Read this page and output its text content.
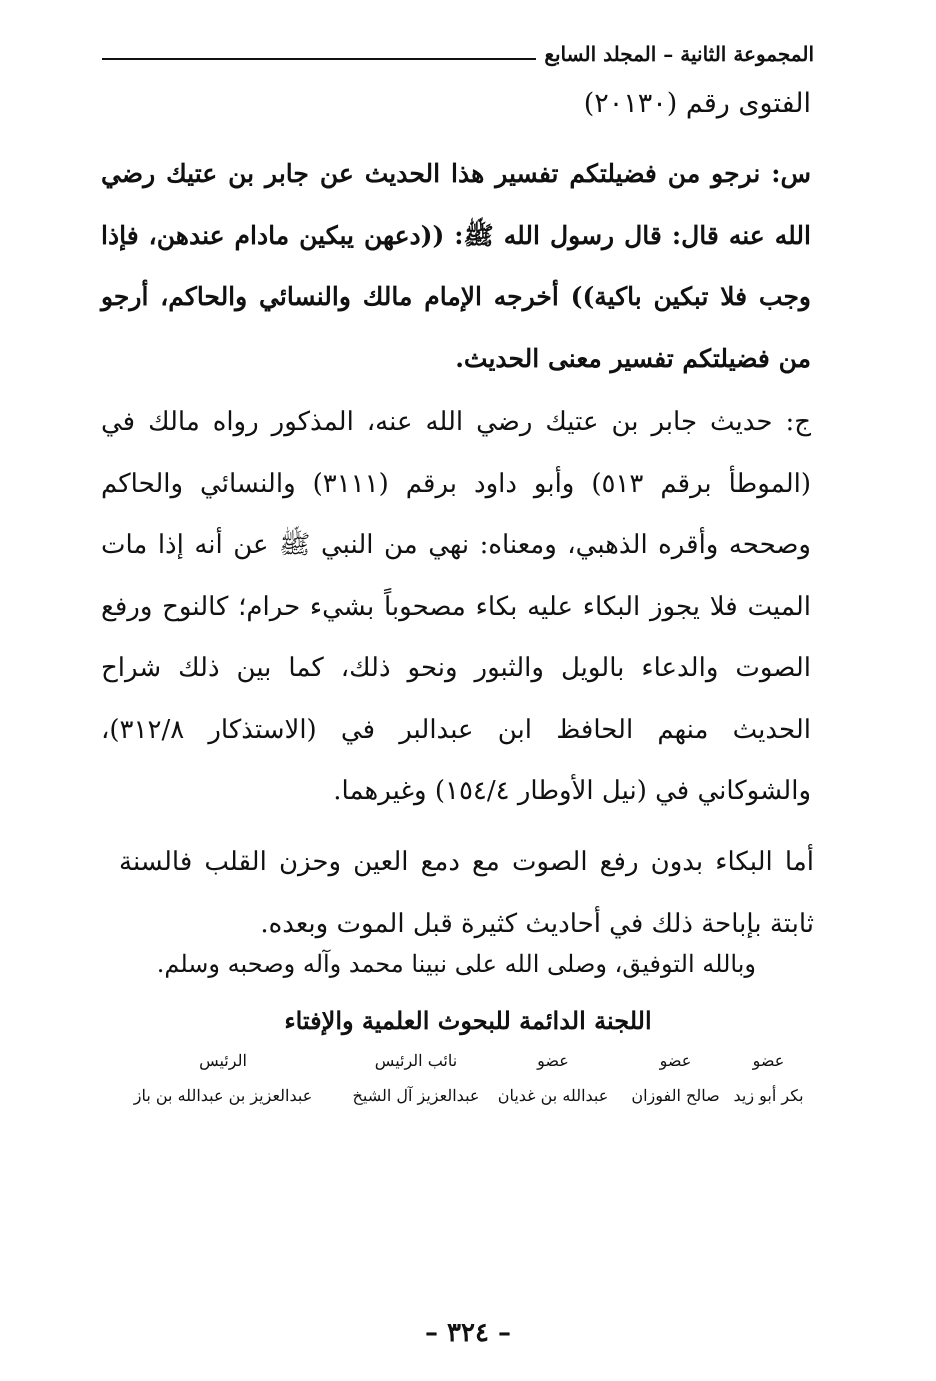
المجموعة الثانية – المجلد السابع
الفتوى رقم (٢٠١٣٠)
س: نرجو من فضيلتكم تفسير هذا الحديث عن جابر بن عتيك رضي الله عنه قال: قال رسول الله ﷺ: ((دعهن يبكين مادام عندهن، فإذا وجب فلا تبكين باكية)) أخرجه الإمام مالك والنسائي والحاكم، أرجو من فضيلتكم تفسير معنى الحديث.
ج: حديث جابر بن عتيك رضي الله عنه، المذكور رواه مالك في (الموطأ برقم ٥١٣) وأبو داود برقم (٣١١١) والنسائي والحاكم وصححه وأقره الذهبي، ومعناه: نهي من النبي ﷺ عن أنه إذا مات الميت فلا يجوز البكاء عليه بكاء مصحوباً بشيء حرام؛ كالنوح ورفع الصوت والدعاء بالويل والثبور ونحو ذلك، كما بين ذلك شراح الحديث منهم الحافظ ابن عبدالبر في (الاستذكار ٣١٢/٨)، والشوكاني في (نيل الأوطار ١٥٤/٤) وغيرهما.
أما البكاء بدون رفع الصوت مع دمع العين وحزن القلب فالسنة ثابتة بإباحة ذلك في أحاديث كثيرة قبل الموت وبعده.
وبالله التوفيق، وصلى الله على نبينا محمد وآله وصحبه وسلم.
اللجنة الدائمة للبحوث العلمية والإفتاء
عضو
بكر أبو زيد
عضو
صالح الفوزان
عضو
عبدالله بن غديان
نائب الرئيس
عبدالعزيز آل الشيخ
الرئيس
عبدالعزيز بن عبدالله بن باز
– ٣٢٤ –
